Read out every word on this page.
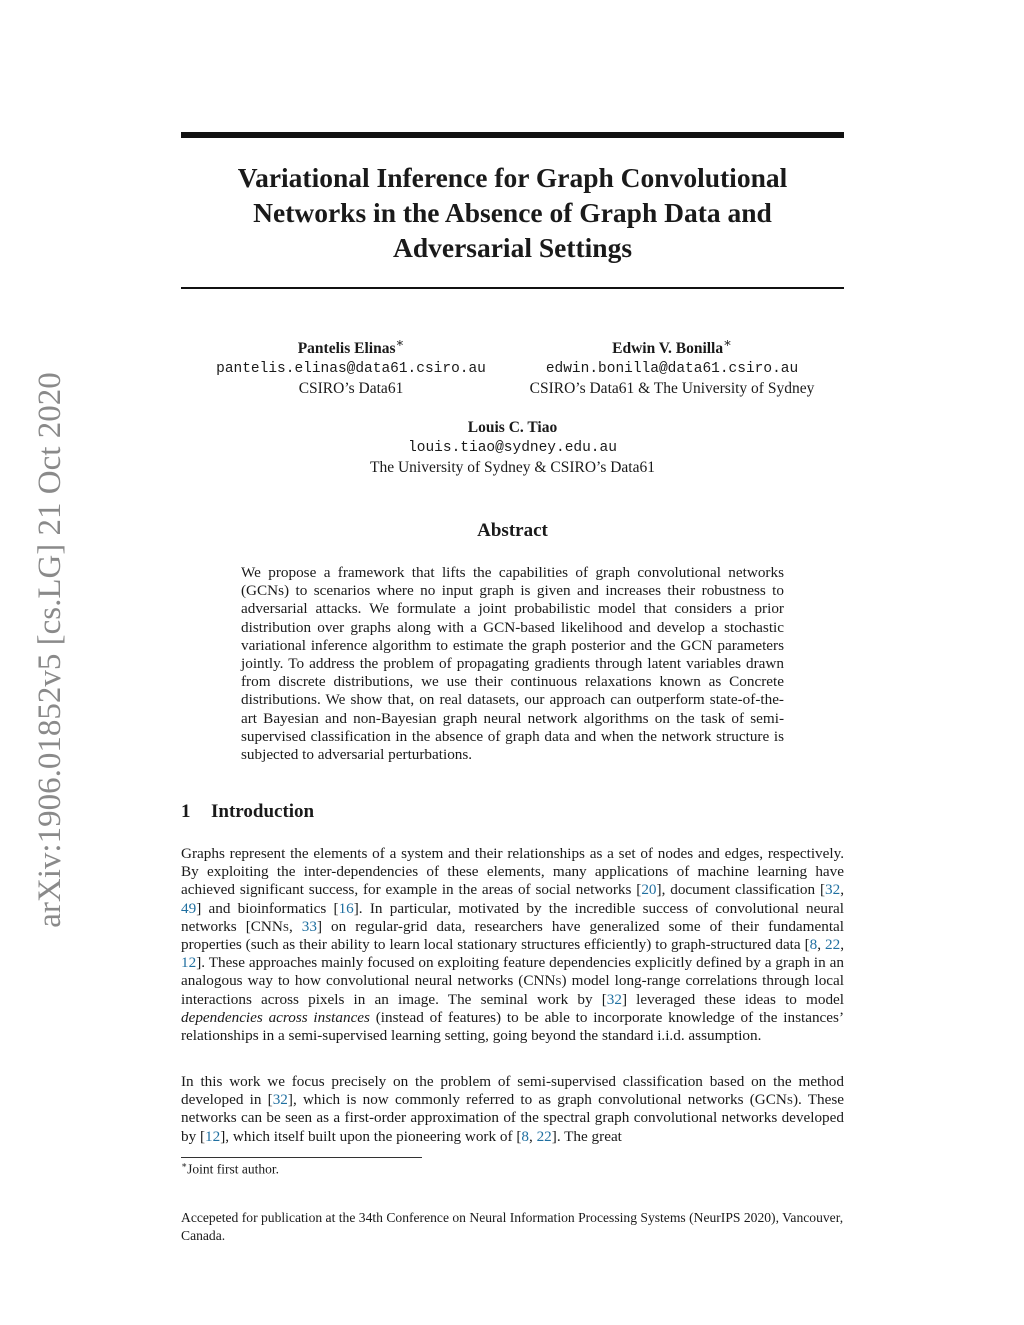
arXiv:1906.01852v5 [cs.LG] 21 Oct 2020
Variational Inference for Graph Convolutional Networks in the Absence of Graph Data and Adversarial Settings
Pantelis Elinas∗
pantelis.elinas@data61.csiro.au
CSIRO’s Data61
Edwin V. Bonilla∗
edwin.bonilla@data61.csiro.au
CSIRO’s Data61 & The University of Sydney
Louis C. Tiao
louis.tiao@sydney.edu.au
The University of Sydney & CSIRO’s Data61
Abstract
We propose a framework that lifts the capabilities of graph convolutional networks (GCNs) to scenarios where no input graph is given and increases their robustness to adversarial attacks. We formulate a joint probabilistic model that considers a prior distribution over graphs along with a GCN-based likelihood and develop a stochastic variational inference algorithm to estimate the graph posterior and the GCN parameters jointly. To address the problem of propagating gradients through latent variables drawn from discrete distributions, we use their continuous relaxations known as Concrete distributions. We show that, on real datasets, our approach can outperform state-of-the-art Bayesian and non-Bayesian graph neural network algorithms on the task of semi-supervised classification in the absence of graph data and when the network structure is subjected to adversarial perturbations.
1 Introduction
Graphs represent the elements of a system and their relationships as a set of nodes and edges, respectively. By exploiting the inter-dependencies of these elements, many applications of machine learning have achieved significant success, for example in the areas of social networks [20], document classification [32, 49] and bioinformatics [16]. In particular, motivated by the incredible success of convolutional neural networks [CNNs, 33] on regular-grid data, researchers have generalized some of their fundamental properties (such as their ability to learn local stationary structures efficiently) to graph-structured data [8, 22, 12]. These approaches mainly focused on exploiting feature dependencies explicitly defined by a graph in an analogous way to how convolutional neural networks (CNNs) model long-range correlations through local interactions across pixels in an image. The seminal work by [32] leveraged these ideas to model dependencies across instances (instead of features) to be able to incorporate knowledge of the instances’ relationships in a semi-supervised learning setting, going beyond the standard i.i.d. assumption.
In this work we focus precisely on the problem of semi-supervised classification based on the method developed in [32], which is now commonly referred to as graph convolutional networks (GCNs). These networks can be seen as a first-order approximation of the spectral graph convolutional networks developed by [12], which itself built upon the pioneering work of [8, 22]. The great
∗Joint first author.
Accepeted for publication at the 34th Conference on Neural Information Processing Systems (NeurIPS 2020), Vancouver, Canada.
